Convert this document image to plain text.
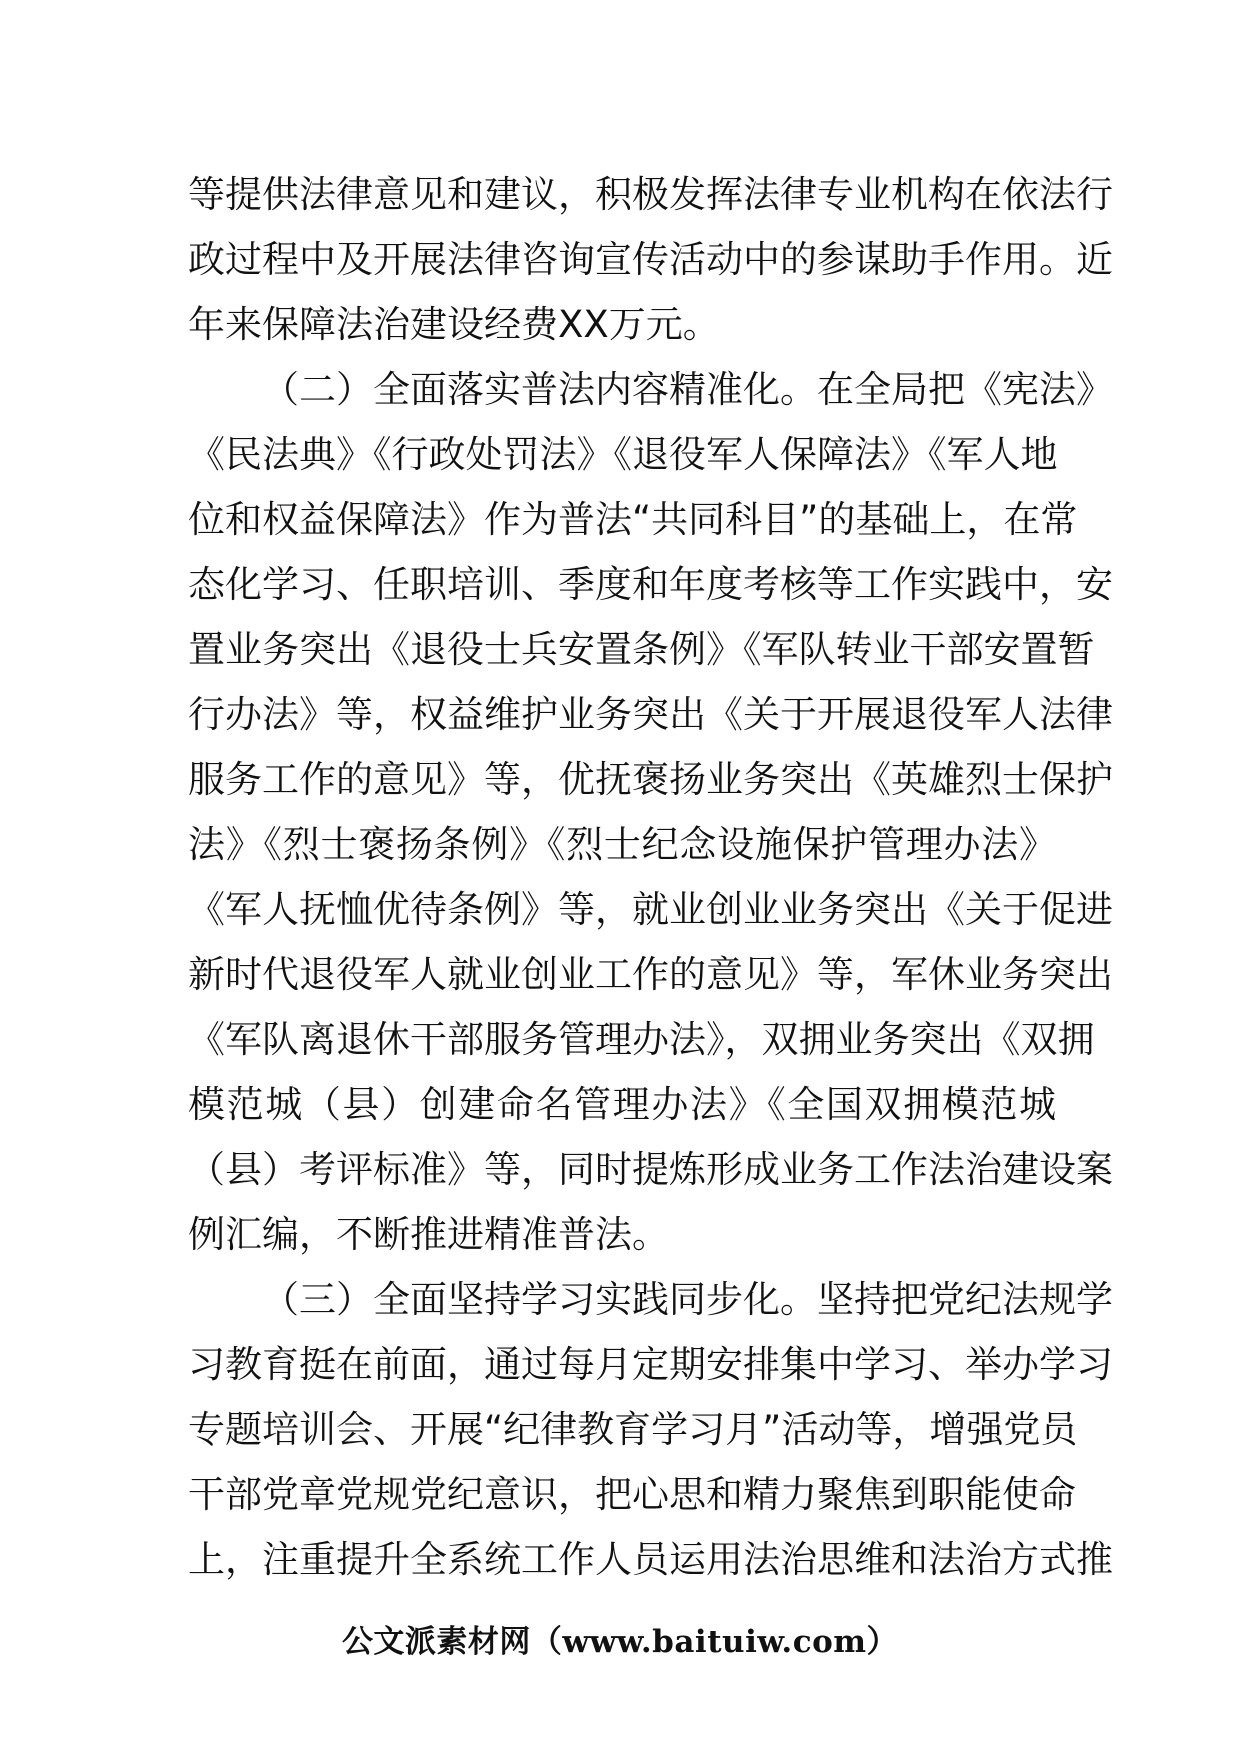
等提供法律意见和建议，积极发挥法律专业机构在依法行
政过程中及开展法律咨询宣传活动中的参谋助手作用。近
年来保障法治建设经费XX万元。
（二）全面落实普法内容精准化。在全局把《宪法》
《民法典》《行政处罚法》《退役军人保障法》《军人地
位和权益保障法》作为普法“共同科目”的基础上，在常
态化学习、任职培训、季度和年度考核等工作实践中，安
置业务突出《退役士兵安置条例》《军队转业干部安置暂
行办法》等，权益维护业务突出《关于开展退役军人法律
服务工作的意见》等，优抚褒扬业务突出《英雄烈士保护
法》《烈士褒扬条例》《烈士纪念设施保护管理办法》
《军人抚恤优待条例》等，就业创业业务突出《关于促进
新时代退役军人就业创业工作的意见》等，军休业务突出
《军队离退休干部服务管理办法》，双拥业务突出《双拥
模范城（县）创建命名管理办法》《全国双拥模范城
（县）考评标准》等，同时提炼形成业务工作法治建设案
例汇编，不断推进精准普法。
（三）全面坚持学习实践同步化。坚持把党纪法规学
习教育挺在前面，通过每月定期安排集中学习、举办学习
专题培训会、开展“纪律教育学习月”活动等，增强党员
干部党章党规党纪意识，把心思和精力聚焦到职能使命
上，注重提升全系统工作人员运用法治思维和法治方式推
公文派素材网（www.baituiw.com）
